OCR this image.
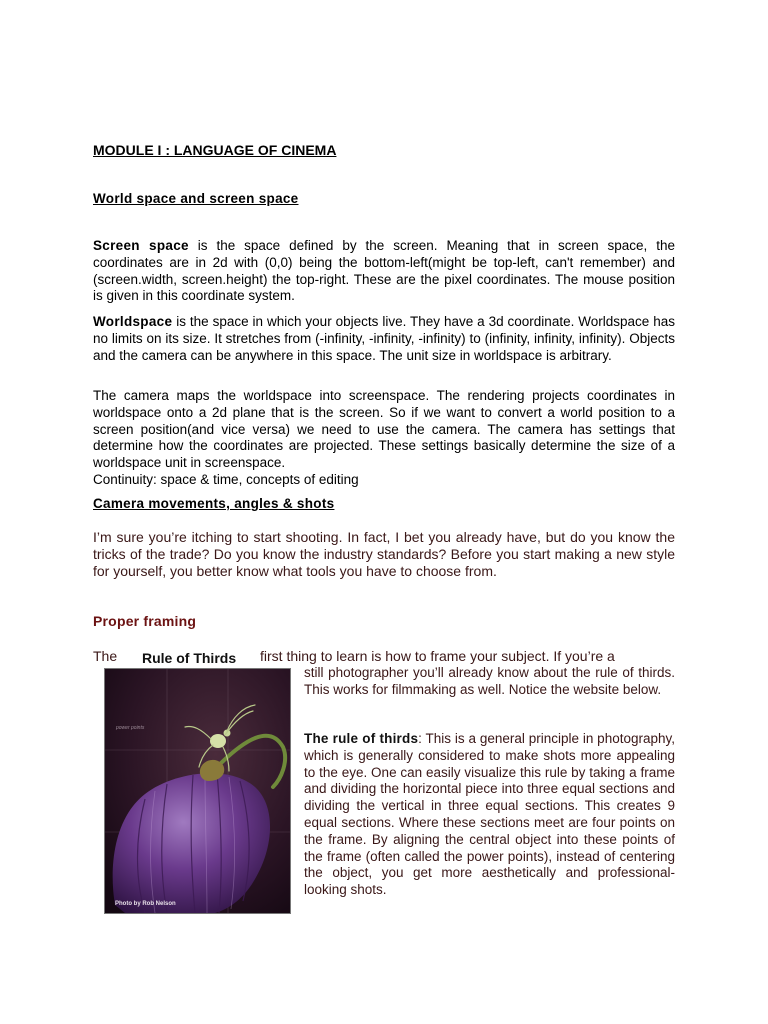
MODULE I : LANGUAGE OF CINEMA
World space and screen space
Screen space is the space defined by the screen. Meaning that in screen space, the coordinates are in 2d with (0,0) being the bottom-left(might be top-left, can't remember) and (screen.width, screen.height) the top-right. These are the pixel coordinates. The mouse position is given in this coordinate system.
Worldspace is the space in which your objects live. They have a 3d coordinate. Worldspace has no limits on its size. It stretches from (-infinity, -infinity, -infinity) to (infinity, infinity, infinity). Objects and the camera can be anywhere in this space. The unit size in worldspace is arbitrary.
The camera maps the worldspace into screenspace. The rendering projects coordinates in worldspace onto a 2d plane that is the screen. So if we want to convert a world position to a screen position(and vice versa) we need to use the camera. The camera has settings that determine how the coordinates are projected. These settings basically determine the size of a worldspace unit in screenspace.
Continuity: space & time, concepts of editing
Camera movements, angles & shots
I’m sure you’re itching to start shooting. In fact, I bet you already have, but do you know the tricks of the trade? Do you know the industry standards? Before you start making a new style for yourself, you better know what tools you have to choose from.
Proper framing
The Rule of Thirds first thing to learn is how to frame your subject. If you’re a
power points
Photo by Rob Nelson
still photographer you’ll already know about the rule of thirds. This works for filmmaking as well. Notice the website below.
The rule of thirds: This is a general principle in photography, which is generally considered to make shots more appealing to the eye. One can easily visualize this rule by taking a frame and dividing the horizontal piece into three equal sections and dividing the vertical in three equal sections. This creates 9 equal sections. Where these sections meet are four points on the frame. By aligning the central object into these points of the frame (often called the power points), instead of centering the object, you get more aesthetically and professional-looking shots.
